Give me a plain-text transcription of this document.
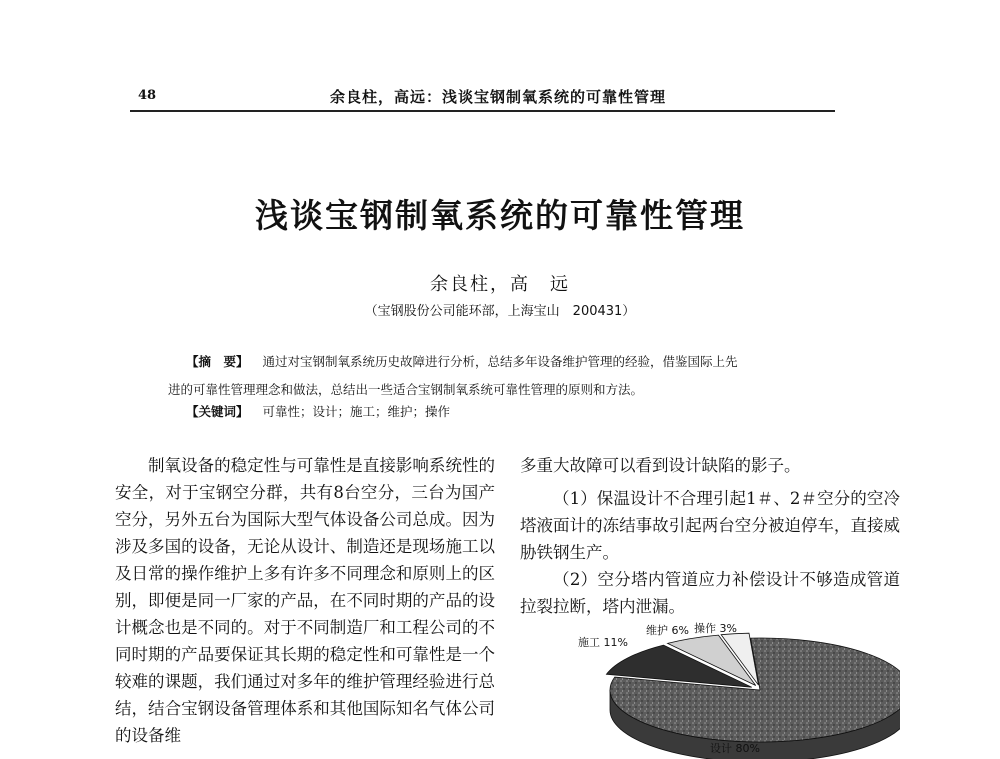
48	余良柱，高远：浅谈宝钢制氧系统的可靠性管理
浅谈宝钢制氧系统的可靠性管理
余良柱，高　远
（宝钢股份公司能环部，上海宝山　200431）
【摘　要】 通过对宝钢制氧系统历史故障进行分析，总结多年设备维护管理的经验，借鉴国际上先
进的可靠性管理理念和做法，总结出一些适合宝钢制氧系统可靠性管理的原则和方法。
【关键词】 可靠性；设计；施工；维护；操作

制氧设备的稳定性与可靠性是直接影响系统性的安全，对于宝钢空分群，共有8台空分，三台为国产空分，另外五台为国际大型气体设备公司总成。因为涉及多国的设备，无论从设计、制造还是现场施工以及日常的操作维护上多有许多不同理念和原则上的区别，即便是同一厂家的产品，在不同时期的产品的设计概念也是不同的。对于不同制造厂和工程公司的不同时期的产品要保证其长期的稳定性和可靠性是一个较难的课题，我们通过对多年的维护管理经验进行总结，结合宝钢设备管理体系和其他国际知名气体公司的设备维

多重大故障可以看到设计缺陷的影子。

（1）保温设计不合理引起1＃、2＃空分的空冷塔液面计的冻结事故引起两台空分被迫停车，直接威胁铁钢生产。

（2）空分塔内管道应力补偿设计不够造成管道拉裂拉断，塔内泄漏。

设计 80%
施工 11%
维护 6% 操作 3%
